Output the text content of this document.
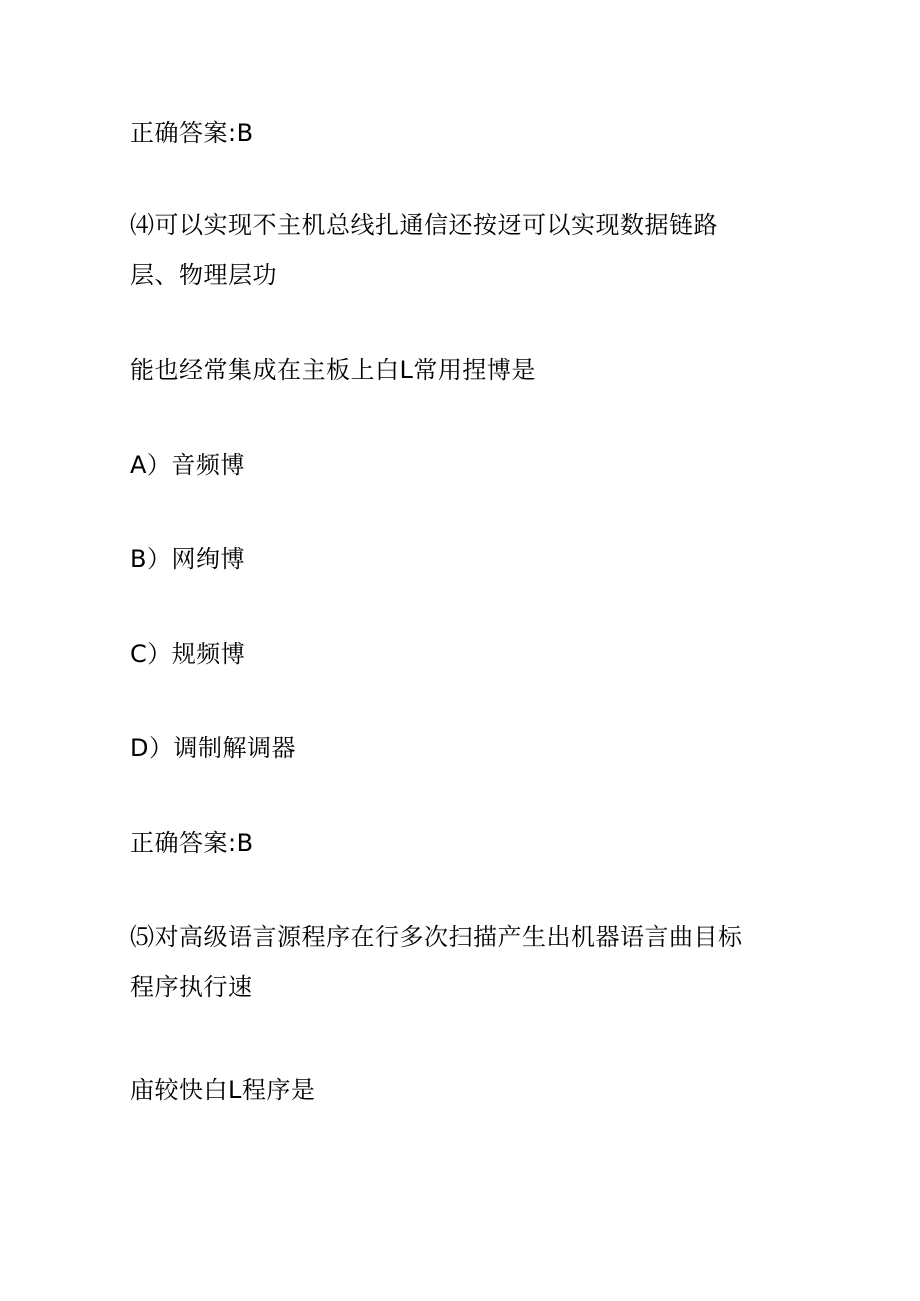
正确答案:B
⑷可以实现不主机总线扎通信还按迓可以实现数据链路
层、物理层功
能也经常集成在主板上白L常用捏博是
A）音频博
B）网绚博
C）规频博
D）调制解调器
正确答案:B
⑸对高级语言源程序在行多次扫描产生出机器语言曲目标
程序执行速
庙较快白L程序是
